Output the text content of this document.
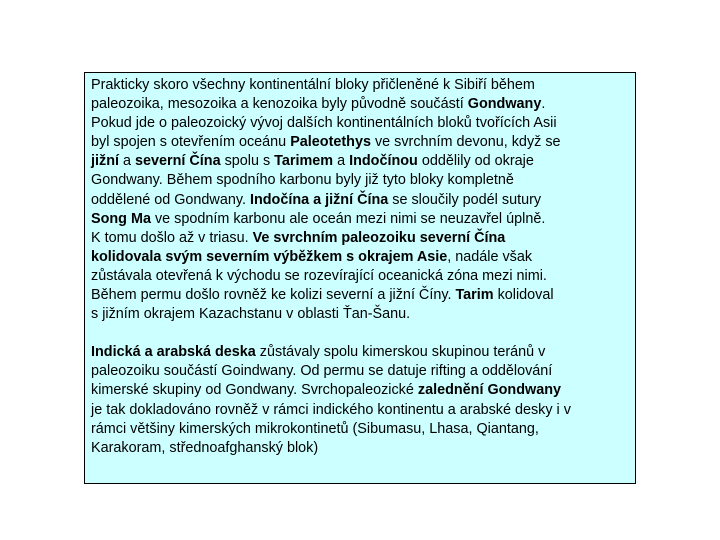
Prakticky skoro všechny kontinentální bloky přičleněné k Sibiří během
paleozoika, mesozoika a kenozoika byly původně součástí Gondwany.
Pokud jde o paleozoický vývoj dalších kontinentálních bloků tvořících Asii
byl spojen s otevřením oceánu Paleotethys ve svrchním devonu, když se
jižní a severní Čína spolu s Tarimem a Indočínou oddělily od okraje
Gondwany. Během spodního karbonu byly již tyto bloky kompletně
oddělené od Gondwany. Indočína a jižní Čína se sloučily podél sutury
Song Ma ve spodním karbonu ale oceán mezi nimi se neuzavřel úplně.
K tomu došlo až v triasu. Ve svrchním paleozoiku severní Čína
kolidovala svým severním výběžkem s okrajem Asie, nadále však
zůstávala otevřená k východu se rozevírající oceanická zóna mezi nimi.
Během permu došlo rovněž ke kolizi severní a jižní Číny. Tarim kolidoval
s jižním okrajem Kazachstanu v oblasti Ťan-Šanu.

Indická a arabská deska zůstávaly spolu kimerskou skupinou teránů v
paleozoiku součástí Goindwany. Od permu se datuje rifting a oddělování
kimerské skupiny od Gondwany. Svrchopaleozické zalednění Gondwany
je tak dokladováno rovněž v rámci indického kontinentu a arabské desky i v
rámci většiny kimerských mikrokontinetů (Sibumasu, Lhasa, Qiantang,
Karakoram, střednoafghanský blok)
